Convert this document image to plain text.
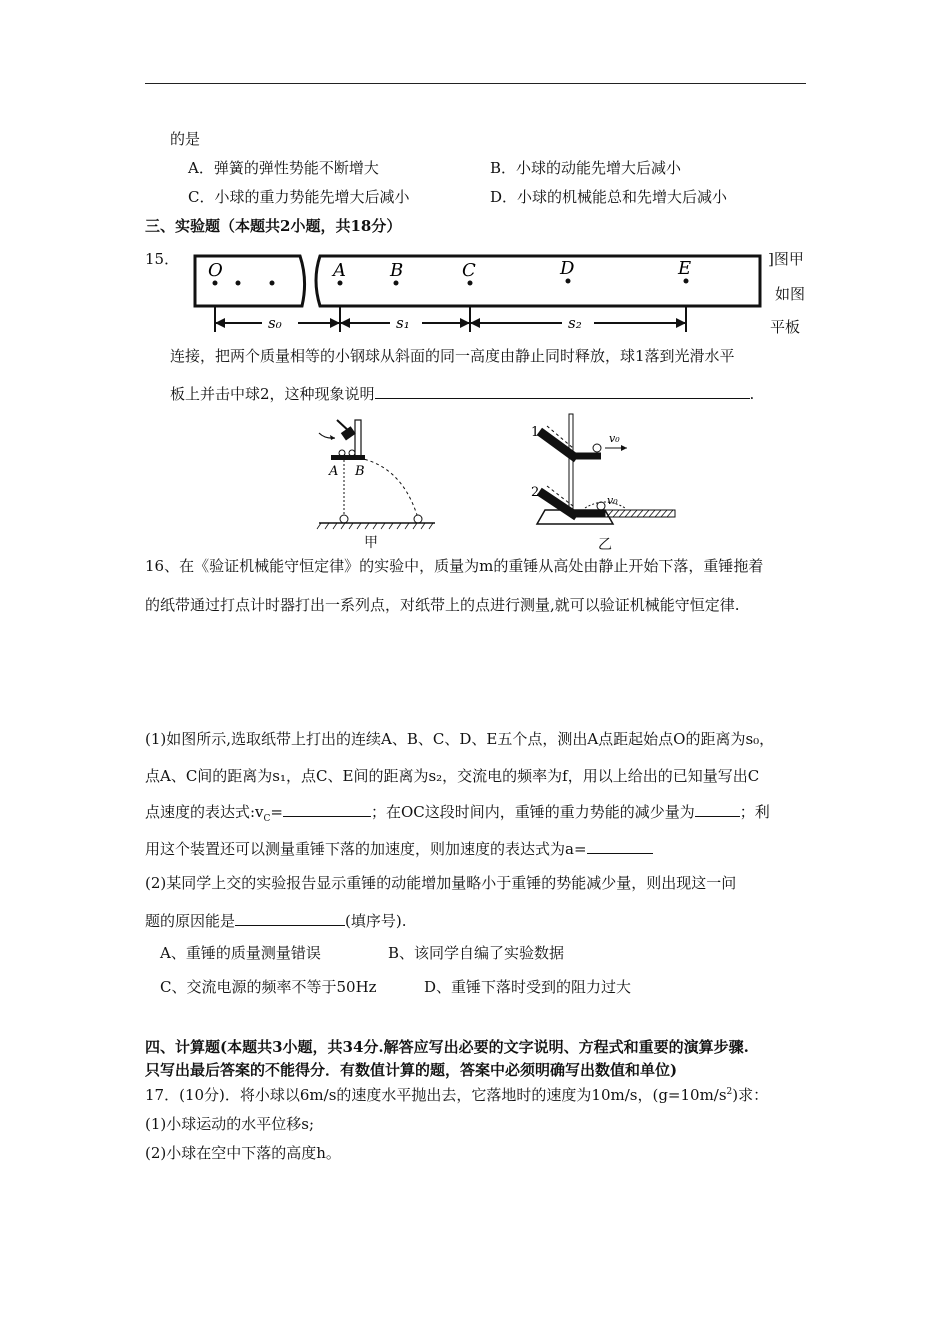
的是
A．弹簧的弹性势能不断增大	B．小球的动能先增大后减小
C．小球的重力势能先增大后减小	D．小球的机械能总和先增大后减小
三、实验题（本题共2小题，共18分）
15．	]图甲
如图
平板
O	A B	C	D	E
s₀	s₁	s₂
连接，把两个质量相等的小钢球从斜面的同一高度由静止同时释放，球1落到光滑水平
板上并击中球2，这种现象说明	.
A B
甲
1
2
v₀
v₀
乙
16、在《验证机械能守恒定律》的实验中，质量为m的重锤从高处由静止开始下落，重锤拖着
的纸带通过打点计时器打出一系列点，对纸带上的点进行测量,就可以验证机械能守恒定律.
(1)如图所示,选取纸带上打出的连续A、B、C、D、E五个点，测出A点距起始点O的距离为s₀，
点A、C间的距离为s₁，点C、E间的距离为s₂，交流电的频率为f，用以上给出的已知量写出C
点速度的表达式$:v_C=$	；在OC这段时间内，重锤的重力势能的减少量为	；利
用这个装置还可以测量重锤下落的加速度，则加速度的表达式为a=
(2)某同学上交的实验报告显示重锤的动能增加量略小于重锤的势能减少量，则出现这一问
题的原因能是	(填序号).
A、重锤的质量测量错误	B、该同学自编了实验数据
C、交流电源的频率不等于50Hz	D、重锤下落时受到的阻力过大
四、计算题(本题共3小题，共34分.解答应写出必要的文字说明、方程式和重要的演算步骤.
只写出最后答案的不能得分．有数值计算的题，答案中必须明确写出数值和单位)
17．(10分)．将小球以6m/s的速度水平抛出去，它落地时的速度为10m/s，$(g=10m/s^2)$求：
(1)小球运动的水平位移s;
(2)小球在空中下落的高度h。
